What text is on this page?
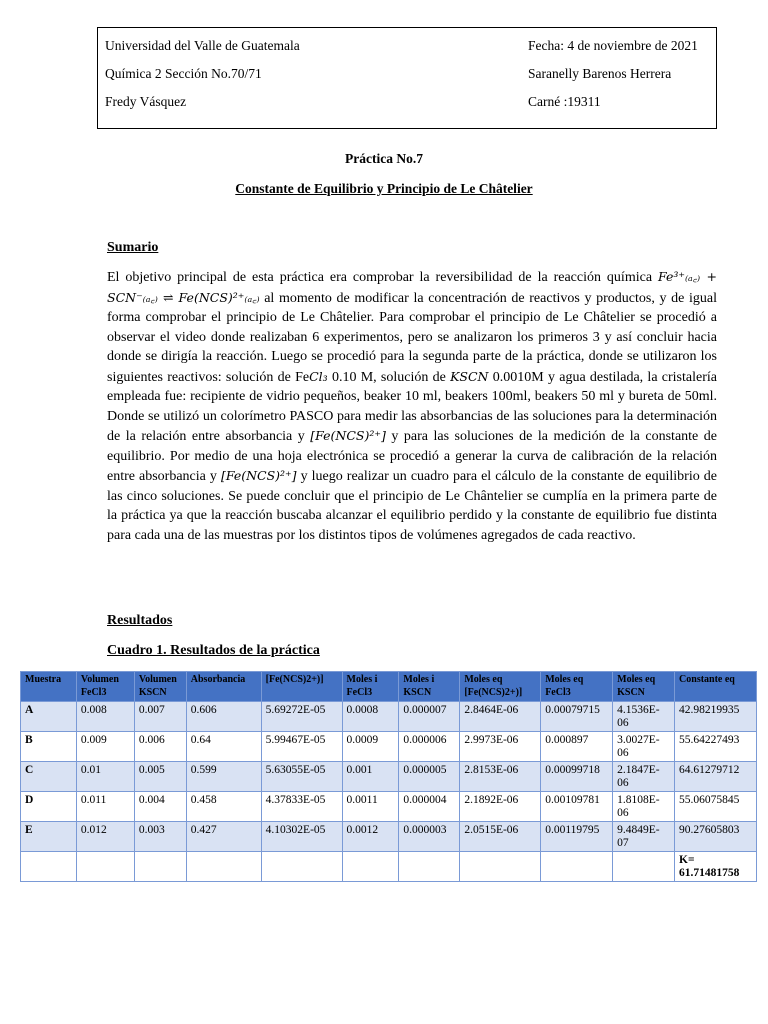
Universidad del Valle de Guatemala
Química 2 Sección No.70/71
Fredy Vásquez
Fecha: 4 de noviembre de 2021
Saranelly Barenos Herrera
Carné :19311
Práctica No.7
Constante de Equilibrio y Principio de Le Châtelier
Sumario
El objetivo principal de esta práctica era comprobar la reversibilidad de la reacción química Fe³⁺₍ₐ꜀₎ + SCN⁻₍ₐ꜀₎ ⇌ Fe(NCS)²⁺₍ₐ꜀₎ al momento de modificar la concentración de reactivos y productos, y de igual forma comprobar el principio de Le Châtelier. Para comprobar el principio de Le Châtelier se procedió a observar el video donde realizaban 6 experimentos, pero se analizaron los primeros 3 y así concluir hacia donde se dirigía la reacción. Luego se procedió para la segunda parte de la práctica, donde se utilizaron los siguientes reactivos: solución de FeCl₃ 0.10 M, solución de KSCN 0.0010M y agua destilada, la cristalería empleada fue: recipiente de vidrio pequeños, beaker 10 ml, beakers 100ml, beakers 50 ml y bureta de 50ml. Donde se utilizó un colorímetro PASCO para medir las absorbancias de las soluciones para la determinación de la relación entre absorbancia y [Fe(NCS)²⁺] y para las soluciones de la medición de la constante de equilibrio. Por medio de una hoja electrónica se procedió a generar la curva de calibración de la relación entre absorbancia y [Fe(NCS)²⁺] y luego realizar un cuadro para el cálculo de la constante de equilibrio de las cinco soluciones. Se puede concluir que el principio de Le Chântelier se cumplía en la primera parte de la práctica ya que la reacción buscaba alcanzar el equilibrio perdido y la constante de equilibrio fue distinta para cada una de las muestras por los distintos tipos de volúmenes agregados de cada reactivo.
Resultados
Cuadro 1. Resultados de la práctica
Muestra	Volumen FeCl3	Volumen KSCN	Absorbancia	[Fe(NCS)2+)]	Moles i FeCl3	Moles i KSCN	Moles eq [Fe(NCS)2+)]	Moles eq FeCl3	Moles eq KSCN	Constante eq
A	0.008	0.007	0.606	5.69272E-05	0.0008	0.000007	2.8464E-06	0.00079715	4.1536E-06	42.98219935
B	0.009	0.006	0.64	5.99467E-05	0.0009	0.000006	2.9973E-06	0.000897	3.0027E-06	55.64227493
C	0.01	0.005	0.599	5.63055E-05	0.001	0.000005	2.8153E-06	0.00099718	2.1847E-06	64.61279712
D	0.011	0.004	0.458	4.37833E-05	0.0011	0.000004	2.1892E-06	0.00109781	1.8108E-06	55.06075845
E	0.012	0.003	0.427	4.10302E-05	0.0012	0.000003	2.0515E-06	0.00119795	9.4849E-07	90.27605803
										K= 61.71481758
